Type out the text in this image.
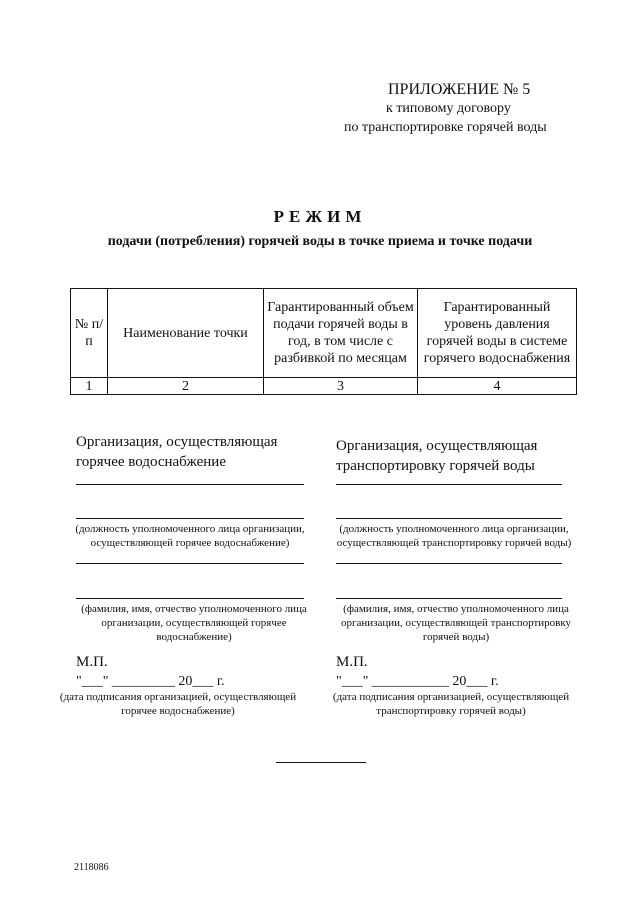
ПРИЛОЖЕНИЕ № 5
к типовому договору
по транспортировке горячей воды
РЕЖИМ
подачи (потребления) горячей воды в точке приема и точке подачи
№ п/п	Наименование точки	Гарантированный объем подачи горячей воды в год, в том числе с разбивкой по месяцам	Гарантированный уровень давления горячей воды в системе горячего водоснабжения
1	2	3	4
Организация, осуществляющая горячее водоснабжение
(должность уполномоченного лица организации, осуществляющей горячее водоснабжение)
(фамилия, имя, отчество уполномоченного лица организации, осуществляющей горячее водоснабжение)
М.П.
"___" _________ 20___ г.
(дата подписания организацией, осуществляющей горячее водоснабжение)
Организация, осуществляющая транспортировку горячей воды
(должность уполномоченного лица организации, осуществляющей транспортировку горячей воды)
(фамилия, имя, отчество уполномоченного лица организации, осуществляющей транспортировку горячей воды)
М.П.
"___" ___________ 20___ г.
(дата подписания организацией, осуществляющей транспортировку горячей воды)
2118086
